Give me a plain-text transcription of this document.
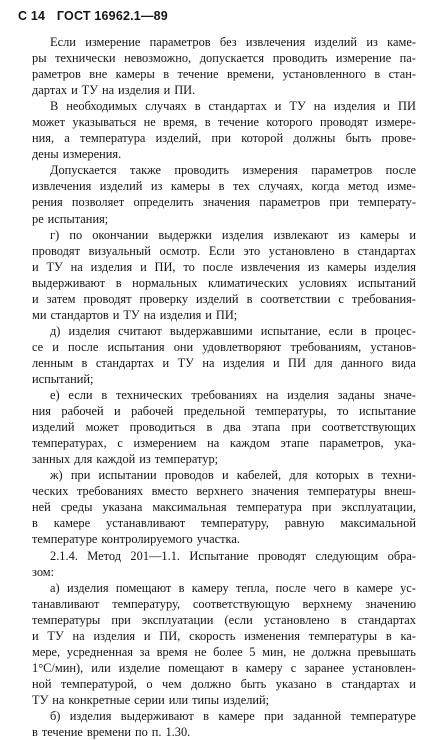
С 14 ГОСТ 16962.1—89
Если измерение параметров без извлечения изделий из каме-
ры технически невозможно, допускается проводить измерение па-
раметров вне камеры в течение времени, установленного в стан-
дартах и ТУ на изделия и ПИ.
В необходимых случаях в стандартах и ТУ на изделия и ПИ
может указываться не время, в течение которого проводят измере-
ния, а температура изделий, при которой должны быть прове-
дены измерения.
Допускается также проводить измерения параметров после
извлечения изделий из камеры в тех случаях, когда метод изме-
рения позволяет определить значения параметров при температу-
ре испытания;
г) по окончании выдержки изделия извлекают из камеры и
проводят визуальный осмотр. Если это установлено в стандартах
и ТУ на изделия и ПИ, то после извлечения из камеры изделия
выдерживают в нормальных климатических условиях испытаний
и затем проводят проверку изделий в соответствии с требования-
ми стандартов и ТУ на изделия и ПИ;
д) изделия считают выдержавшими испытание, если в процес-
се и после испытания они удовлетворяют требованиям, установ-
ленным в стандартах и ТУ на изделия и ПИ для данного вида
испытаний;
е) если в технических требованиях на изделия заданы значе-
ния рабочей и рабочей предельной температуры, то испытание
изделий может проводиться в два этапа при соответствующих
температурах, с измерением на каждом этапе параметров, ука-
занных для каждой из температур;
ж) при испытании проводов и кабелей, для которых в техни-
ческих требованиях вместо верхнего значения температуры внеш-
ней среды указана максимальная температура при эксплуатации,
в камере устанавливают температуру, равную максимальной
температуре контролируемого участка.
2.1.4. Метод 201—1.1. Испытание проводят следующим обра-
зом:
а) изделия помещают в камеру тепла, после чего в камере ус-
танавливают температуру, соответствующую верхнему значению
температуры при эксплуатации (если установлено в стандартах
и ТУ на изделия и ПИ, скорость изменения температуры в ка-
мере, усредненная за время не более 5 мин, не должна превышать
1°С/мин), или изделие помещают в камеру с заранее установлен-
ной температурой, о чем должно быть указано в стандартах и
ТУ на конкретные серии или типы изделий;
б) изделия выдерживают в камере при заданной температуре
в течение времени по п. 1.30.
